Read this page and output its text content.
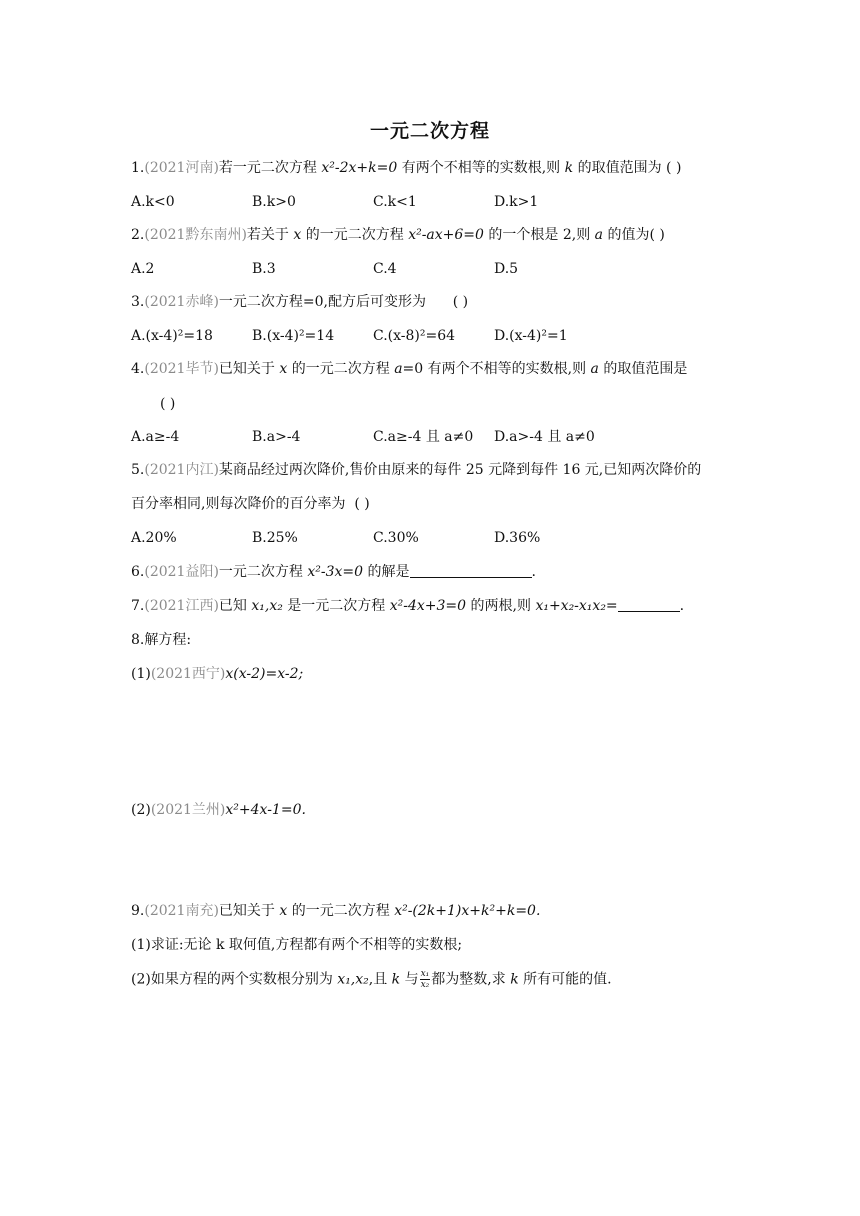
一元二次方程
1.(2021河南)若一元二次方程 x²-2x+k=0 有两个不相等的实数根,则 k 的取值范围为 ( )
A.k<0	B.k>0	C.k<1	D.k>1
2.(2021黔东南州)若关于 x 的一元二次方程 x²-ax+6=0 的一个根是 2,则 a 的值为( )
A.2	B.3	C.4	D.5
3.(2021赤峰)一元二次方程=0,配方后可变形为 ( )
A.(x-4)²=18	B.(x-4)²=14	C.(x-8)²=64	D.(x-4)²=1
4.(2021毕节)已知关于 x 的一元二次方程 a=0 有两个不相等的实数根,则 a 的取值范围是
( )
A.a≥-4	B.a>-4	C.a≥-4 且 a≠0 D.a>-4 且 a≠0
5.(2021内江)某商品经过两次降价,售价由原来的每件 25 元降到每件 16 元,已知两次降价的
百分率相同,则每次降价的百分率为 ( )
A.20%	B.25%	C.30%	D.36%
6.(2021益阳)一元二次方程 x²-3x=0 的解是	.
7.(2021江西)已知 x₁,x₂ 是一元二次方程 x²-4x+3=0 的两根,则 x₁+x₂-x₁x₂=	.
8.解方程:
(1)(2021西宁)x(x-2)=x-2;
(2)(2021兰州)x²+4x-1=0.
9.(2021南充)已知关于 x 的一元二次方程 x²-(2k+1)x+k²+k=0.
(1)求证:无论 k 取何值,方程都有两个不相等的实数根;
(2)如果方程的两个实数根分别为 x₁,x₂,且 k 与 $\frac{\text{x₁}}{\text{x₂}}$ 都为整数,求 k 所有可能的值.
